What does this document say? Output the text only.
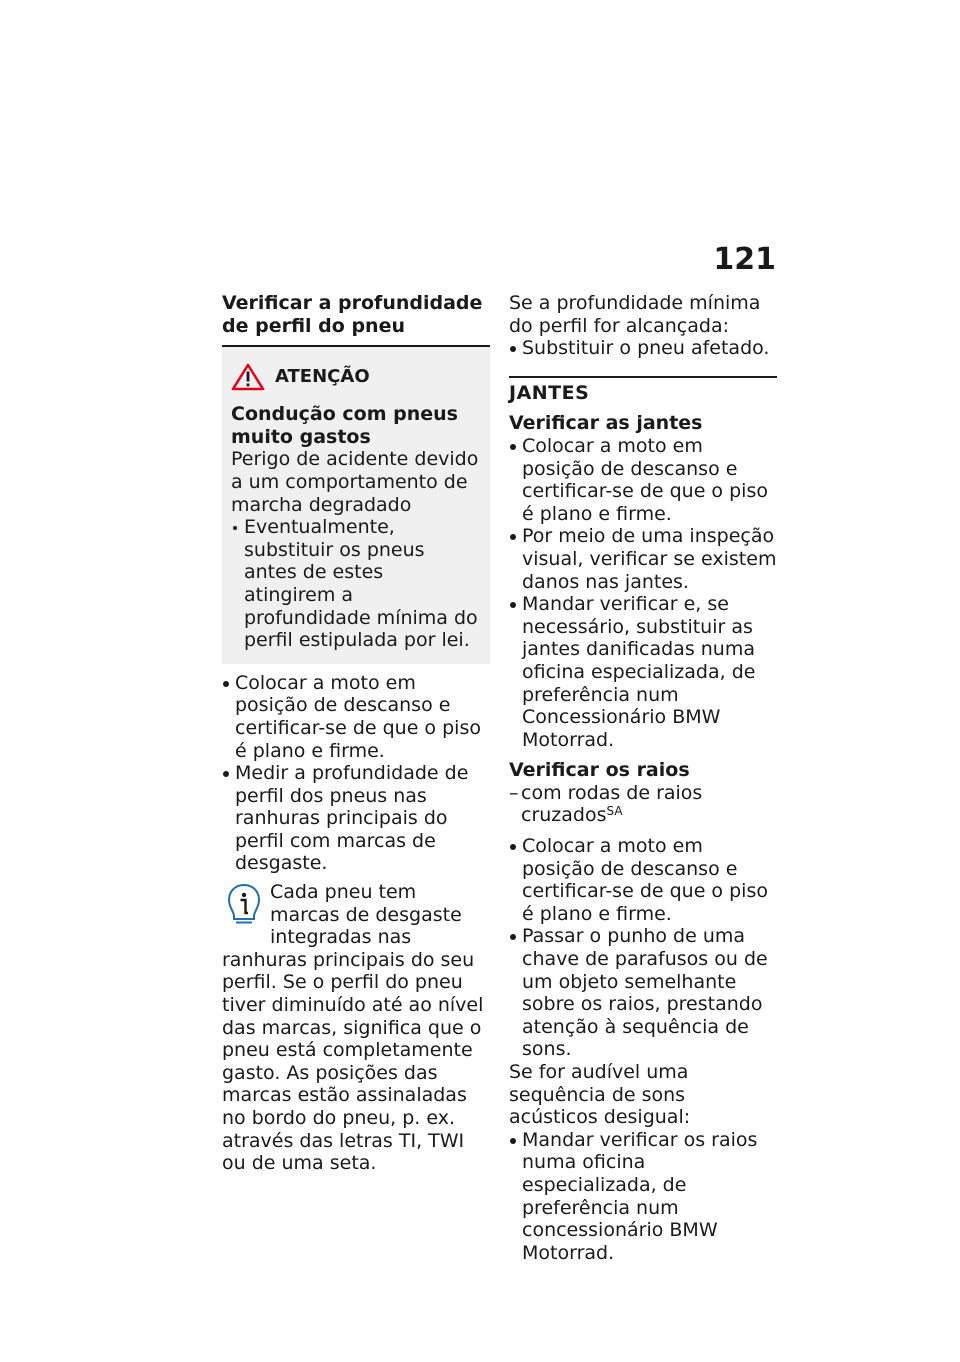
121
Verificar a profundidade de perfil do pneu
ATENÇÃO
Condução com pneus muito gastos
Perigo de acidente devido a um comportamento de marcha degradado
Eventualmente, substituir os pneus antes de estes atingirem a profundidade mínima do perfil estipulada por lei.
Colocar a moto em posição de descanso e certificar-se de que o piso é plano e firme.
Medir a profundidade de perfil dos pneus nas ranhuras principais do perfil com marcas de desgaste.
Cada pneu tem marcas de desgaste integradas nas ranhuras principais do seu perfil. Se o perfil do pneu tiver diminuído até ao nível das marcas, significa que o pneu está completamente gasto. As posições das marcas estão assinaladas no bordo do pneu, p. ex. através das letras TI, TWI ou de uma seta.
Se a profundidade mínima do perfil for alcançada:
Substituir o pneu afetado.
JANTES
Verificar as jantes
Colocar a moto em posição de descanso e certificar-se de que o piso é plano e firme.
Por meio de uma inspeção visual, verificar se existem danos nas jantes.
Mandar verificar e, se necessário, substituir as jantes danificadas numa oficina especializada, de preferência num Concessionário BMW Motorrad.
Verificar os raios
– com rodas de raios cruzados$^{SA}$
Colocar a moto em posição de descanso e certificar-se de que o piso é plano e firme.
Passar o punho de uma chave de parafusos ou de um objeto semelhante sobre os raios, prestando atenção à sequência de sons.
Se for audível uma sequência de sons acústicos desigual:
Mandar verificar os raios numa oficina especializada, de preferência num concessionário BMW Motorrad.
